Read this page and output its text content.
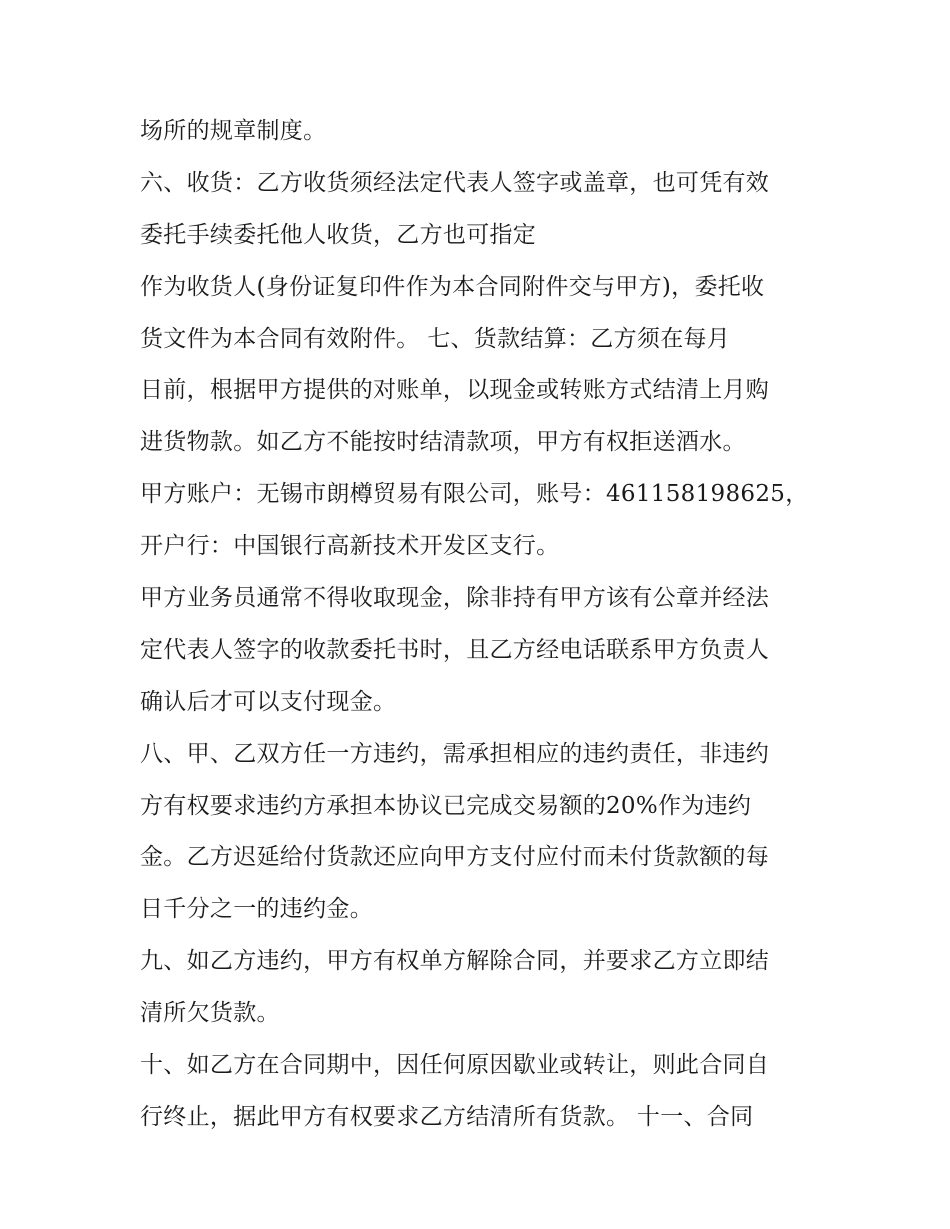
场所的规章制度。
六、收货：乙方收货须经法定代表人签字或盖章，也可凭有效
委托手续委托他人收货，乙方也可指定
作为收货人(身份证复印件作为本合同附件交与甲方)，委托收
货文件为本合同有效附件。 七、货款结算：乙方须在每月
日前，根据甲方提供的对账单，以现金或转账方式结清上月购
进货物款。如乙方不能按时结清款项，甲方有权拒送酒水。
甲方账户：无锡市朗樽贸易有限公司，账号：461158198625，
开户行：中国银行高新技术开发区支行。
甲方业务员通常不得收取现金，除非持有甲方该有公章并经法
定代表人签字的收款委托书时，且乙方经电话联系甲方负责人
确认后才可以支付现金。
八、甲、乙双方任一方违约，需承担相应的违约责任，非违约
方有权要求违约方承担本协议已完成交易额的20%作为违约
金。乙方迟延给付货款还应向甲方支付应付而未付货款额的每
日千分之一的违约金。
九、如乙方违约，甲方有权单方解除合同，并要求乙方立即结
清所欠货款。
十、如乙方在合同期中，因任何原因歇业或转让，则此合同自
行终止，据此甲方有权要求乙方结清所有货款。 十一、合同
